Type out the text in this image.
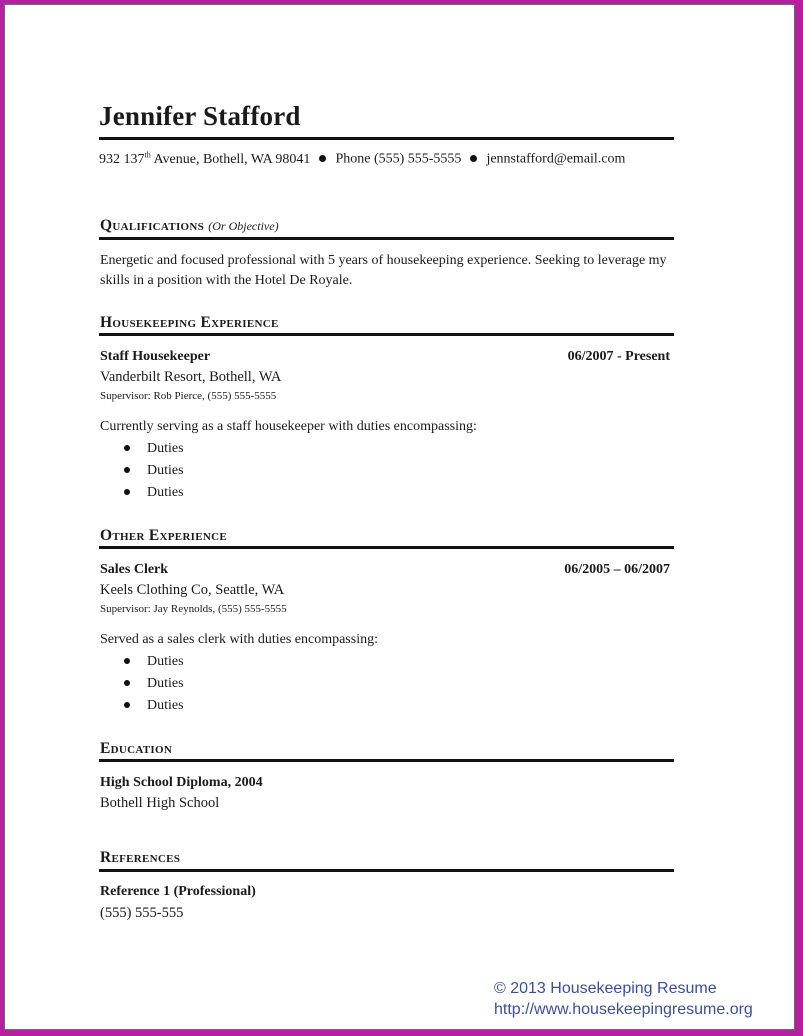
Jennifer Stafford
932 137th Avenue, Bothell, WA 98041 Phone (555) 555-5555 jennstafford@email.com
Qualifications (Or Objective)
Energetic and focused professional with 5 years of housekeeping experience. Seeking to leverage my skills in a position with the Hotel De Royale.
Housekeeping Experience
Staff Housekeeper	06/2007 - Present
Vanderbilt Resort, Bothell, WA
Supervisor: Rob Pierce, (555) 555-5555
Currently serving as a staff housekeeper with duties encompassing:
Duties
Duties
Duties
Other Experience
Sales Clerk	06/2005 – 06/2007
Keels Clothing Co, Seattle, WA
Supervisor: Jay Reynolds, (555) 555-5555
Served as a sales clerk with duties encompassing:
Duties
Duties
Duties
Education
High School Diploma, 2004
Bothell High School
References
Reference 1 (Professional)
(555) 555-555
© 2013 Housekeeping Resume
http://www.housekeepingresume.org
